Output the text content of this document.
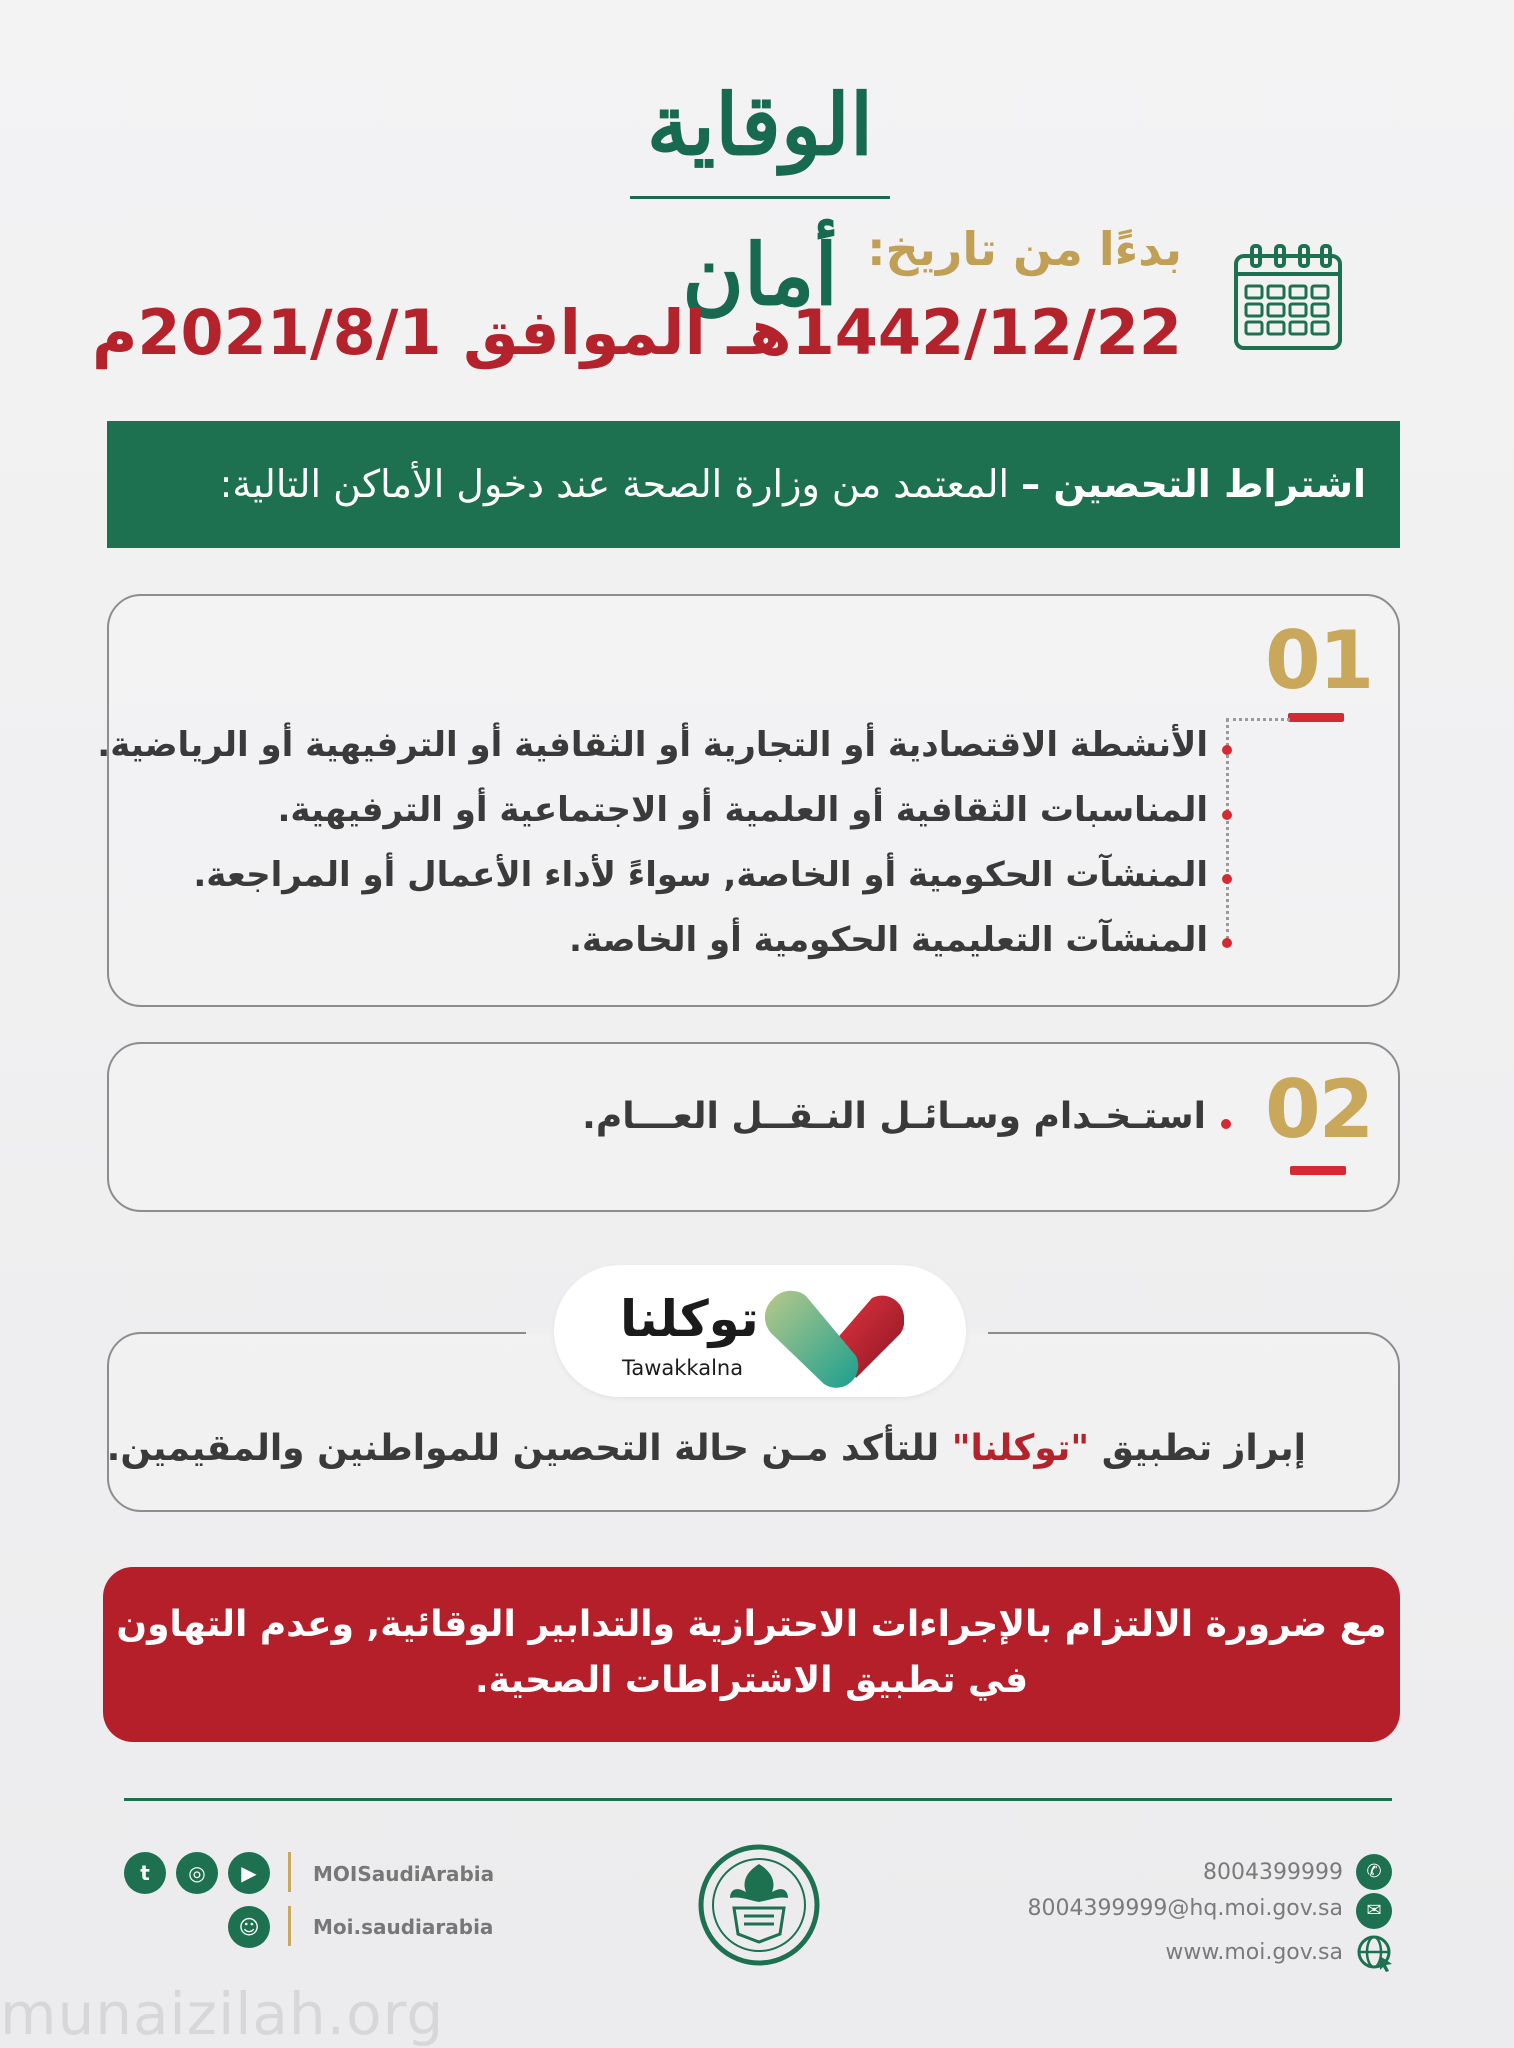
الوقاية أمان بدءًا من تاريخ:
1442/12/22هـ الموافق 2021/8/1م
اشتراط التحصين – المعتمد من وزارة الصحة عند دخول الأماكن التالية:
01
الأنشطة الاقتصادية أو التجارية أو الثقافية أو الترفيهية أو الرياضية.
المناسبات الثقافية أو العلمية أو الاجتماعية أو الترفيهية.
المنشآت الحكومية أو الخاصة, سواءً لأداء الأعمال أو المراجعة.
المنشآت التعليمية الحكومية أو الخاصة.
02
استـخـدام وسـائـل النـقــل العـــام.
توكلنا
Tawakkalna
إبراز تطبيق "توكلنا" للتأكد مـن حالة التحصين للمواطنين والمقيمين.
مع ضرورة الالتزام بالإجراءات الاحترازية والتدابير الوقائية, وعدم التهاون
في تطبيق الاشتراطات الصحية.
t	◎	▶	MOISaudiArabia
☺	Moi.saudiarabia
8004399999	✆
8004399999@hq.moi.gov.sa	✉
www.moi.gov.sa
munaizilah.org
